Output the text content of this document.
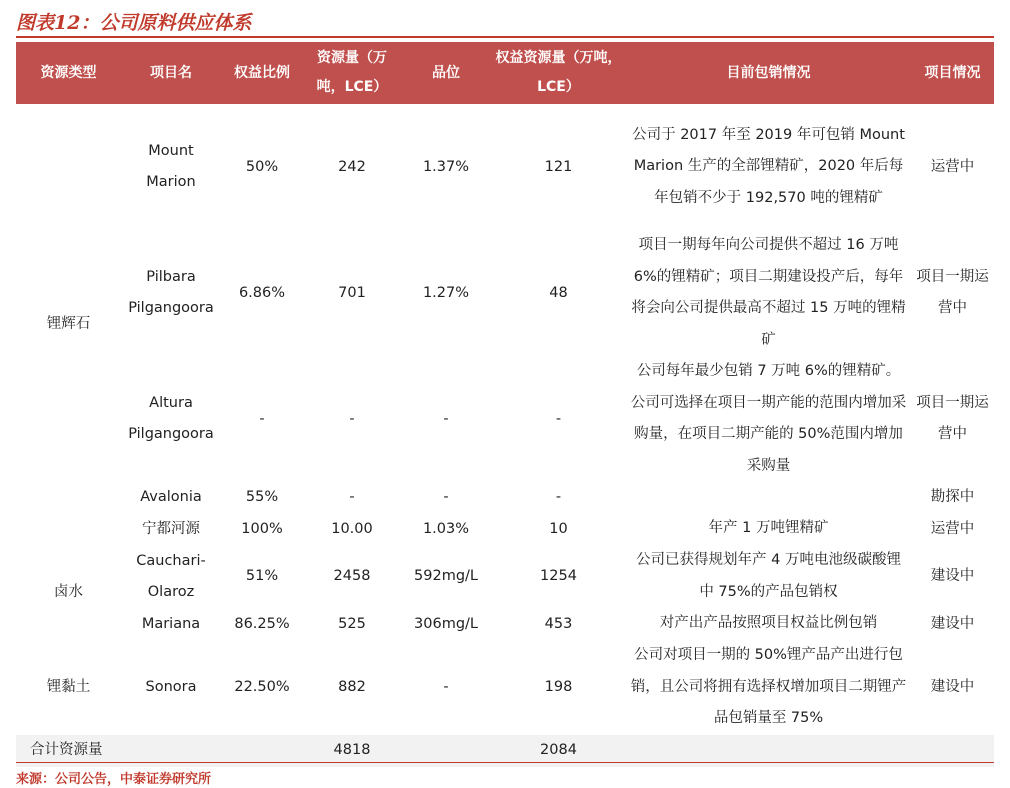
图表12：公司原料供应体系
资源类型	项目名	权益比例	资源量（万吨，LCE）	品位	权益资源量（万吨，LCE）	目前包销情况	项目情况
锂辉石	Mount Marion	50%	242	1.37%	121	公司于 2017 年至 2019 年可包销 Mount Marion 生产的全部锂精矿，2020 年后每年包销不少于 192,570 吨的锂精矿	运营中
	Pilbara Pilgangoora	6.86%	701	1.27%	48	项目一期每年向公司提供不超过 16 万吨 6%的锂精矿；项目二期建设投产后，每年将会向公司提供最高不超过 15 万吨的锂精矿	项目一期运营中
	Altura Pilgangoora	-	-	-	-	公司每年最少包销 7 万吨 6%的锂精矿。公司可选择在项目一期产能的范围内增加采购量，在项目二期产能的 50%范围内增加采购量	项目一期运营中
	Avalonia	55%	-	-	-		勘探中
	宁都河源	100%	10.00	1.03%	10	年产 1 万吨锂精矿	运营中
卤水	Cauchari-Olaroz	51%	2458	592mg/L	1254	公司已获得规划年产 4 万吨电池级碳酸锂中 75%的产品包销权	建设中
	Mariana	86.25%	525	306mg/L	453	对产出产品按照项目权益比例包销	建设中
锂黏土	Sonora	22.50%	882	-	198	公司对项目一期的 50%锂产品产出进行包销，且公司将拥有选择权增加项目二期锂产品包销量至 75%	建设中
合计资源量			4818		2084		
来源：公司公告，中泰证券研究所
